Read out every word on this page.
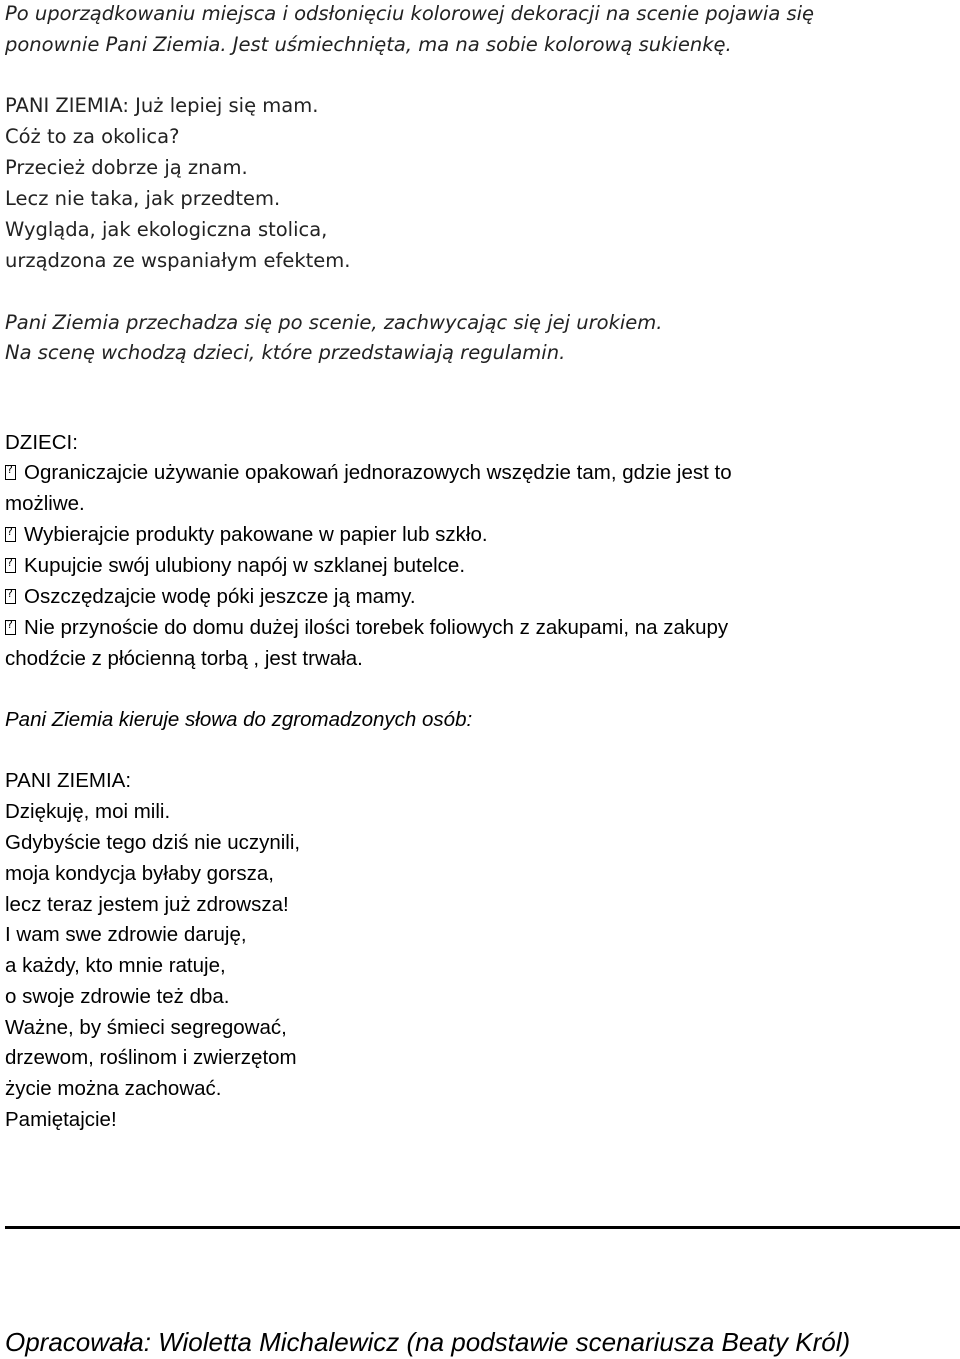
Po uporządkowaniu miejsca i odsłonięciu kolorowej dekoracji na scenie pojawia się
ponownie Pani Ziemia. Jest uśmiechnięta, ma na sobie kolorową sukienkę.
PANI ZIEMIA: Już lepiej się mam.
Cóż to za okolica?
Przecież dobrze ją znam.
Lecz nie taka, jak przedtem.
Wygląda, jak ekologiczna stolica,
urządzona ze wspaniałym efektem.
Pani Ziemia przechadza się po scenie, zachwycając się jej urokiem.
Na scenę wchodzą dzieci, które przedstawiają regulamin.
DZIECI:
?Ograniczajcie używanie opakowań jednorazowych wszędzie tam, gdzie jest to
możliwe.
?Wybierajcie produkty pakowane w papier lub szkło.
?Kupujcie swój ulubiony napój w szklanej butelce.
?Oszczędzajcie wodę póki jeszcze ją mamy.
?Nie przynoście do domu dużej ilości torebek foliowych z zakupami, na zakupy
chodźcie z płócienną torbą , jest trwała.
Pani Ziemia kieruje słowa do zgromadzonych osób:
PANI ZIEMIA:
Dziękuję, moi mili.
Gdybyście tego dziś nie uczynili,
moja kondycja byłaby gorsza,
lecz teraz jestem już zdrowsza!
I wam swe zdrowie daruję,
a każdy, kto mnie ratuje,
o swoje zdrowie też dba.
Ważne, by śmieci segregować,
drzewom, roślinom i zwierzętom
życie można zachować.
Pamiętajcie!
Opracowała: Wioletta Michalewicz (na podstawie scenariusza Beaty Król)
